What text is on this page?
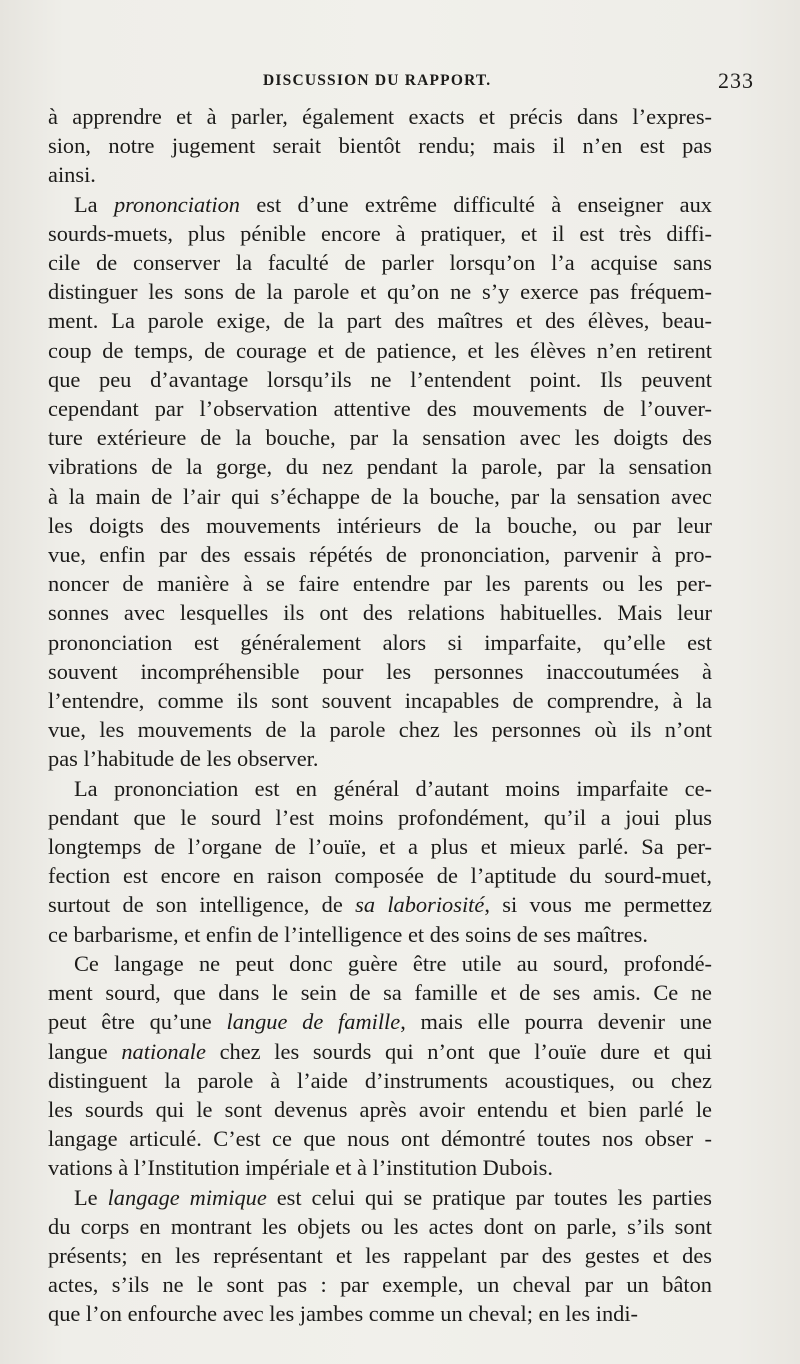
DISCUSSION DU RAPPORT.	233

à apprendre et à parler, également exacts et précis dans l’expres-
sion, notre jugement serait bientôt rendu; mais il n’en est pas
ainsi.

La prononciation est d’une extrême difficulté à enseigner aux
sourds-muets, plus pénible encore à pratiquer, et il est très diffi-
cile de conserver la faculté de parler lorsqu’on l’a acquise sans
distinguer les sons de la parole et qu’on ne s’y exerce pas fréquem-
ment. La parole exige, de la part des maîtres et des élèves, beau-
coup de temps, de courage et de patience, et les élèves n’en retirent
que peu d’avantage lorsqu’ils ne l’entendent point. Ils peuvent
cependant par l’observation attentive des mouvements de l’ouver-
ture extérieure de la bouche, par la sensation avec les doigts des
vibrations de la gorge, du nez pendant la parole, par la sensation
à la main de l’air qui s’échappe de la bouche, par la sensation avec
les doigts des mouvements intérieurs de la bouche, ou par leur
vue, enfin par des essais répétés de prononciation, parvenir à pro-
noncer de manière à se faire entendre par les parents ou les per-
sonnes avec lesquelles ils ont des relations habituelles. Mais leur
prononciation est généralement alors si imparfaite, qu’elle est
souvent incompréhensible pour les personnes inaccoutumées à
l’entendre, comme ils sont souvent incapables de comprendre, à la
vue, les mouvements de la parole chez les personnes où ils n’ont
pas l’habitude de les observer.

La prononciation est en général d’autant moins imparfaite ce-
pendant que le sourd l’est moins profondément, qu’il a joui plus
longtemps de l’organe de l’ouïe, et a plus et mieux parlé. Sa per-
fection est encore en raison composée de l’aptitude du sourd-muet,
surtout de son intelligence, de sa laboriosité, si vous me permettez
ce barbarisme, et enfin de l’intelligence et des soins de ses maîtres.

Ce langage ne peut donc guère être utile au sourd, profondé-
ment sourd, que dans le sein de sa famille et de ses amis. Ce ne
peut être qu’une langue de famille, mais elle pourra devenir une
langue nationale chez les sourds qui n’ont que l’ouïe dure et qui
distinguent la parole à l’aide d’instruments acoustiques, ou chez
les sourds qui le sont devenus après avoir entendu et bien parlé le
langage articulé. C’est ce que nous ont démontré toutes nos obser -
vations à l’Institution impériale et à l’institution Dubois.

Le langage mimique est celui qui se pratique par toutes les parties
du corps en montrant les objets ou les actes dont on parle, s’ils sont
présents; en les représentant et les rappelant par des gestes et des
actes, s’ils ne le sont pas : par exemple, un cheval par un bâton
que l’on enfourche avec les jambes comme un cheval; en les indi-
